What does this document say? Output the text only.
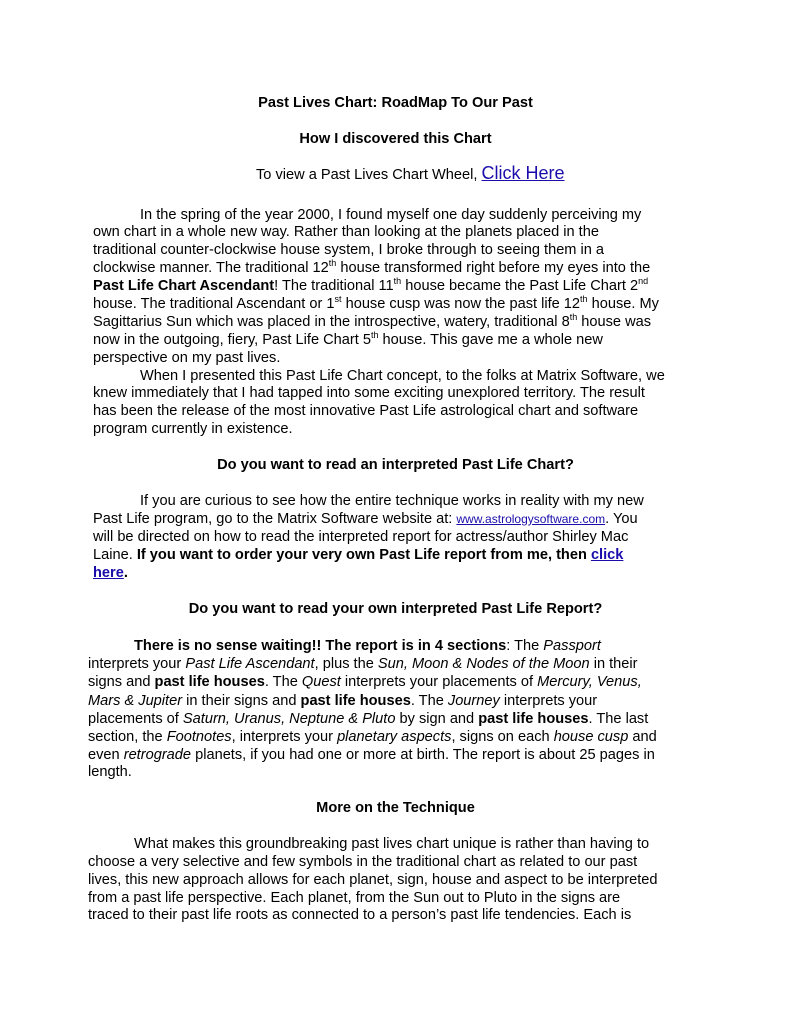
Past Lives Chart: RoadMap To Our Past
How I discovered this Chart
To view a Past Lives Chart Wheel, Click Here
In the spring of the year 2000, I found myself one day suddenly perceiving my
own chart in a whole new way. Rather than looking at the planets placed in the
traditional counter-clockwise house system, I broke through to seeing them in a
clockwise manner. The traditional 12th house transformed right before my eyes into the
Past Life Chart Ascendant! The traditional 11th house became the Past Life Chart 2nd
house. The traditional Ascendant or 1st house cusp was now the past life 12th house. My
Sagittarius Sun which was placed in the introspective, watery, traditional 8th house was
now in the outgoing, fiery, Past Life Chart 5th house. This gave me a whole new
perspective on my past lives.
When I presented this Past Life Chart concept, to the folks at Matrix Software, we
knew immediately that I had tapped into some exciting unexplored territory. The result
has been the release of the most innovative Past Life astrological chart and software
program currently in existence.
Do you want to read an interpreted Past Life Chart?
If you are curious to see how the entire technique works in reality with my new
Past Life program, go to the Matrix Software website at: www.astrologysoftware.com. You
will be directed on how to read the interpreted report for actress/author Shirley Mac
Laine. If you want to order your very own Past Life report from me, then click
here.
Do you want to read your own interpreted Past Life Report?
There is no sense waiting!! The report is in 4 sections: The Passport
interprets your Past Life Ascendant, plus the Sun, Moon & Nodes of the Moon in their
signs and past life houses. The Quest interprets your placements of Mercury, Venus,
Mars & Jupiter in their signs and past life houses. The Journey interprets your
placements of Saturn, Uranus, Neptune & Pluto by sign and past life houses. The last
section, the Footnotes, interprets your planetary aspects, signs on each house cusp and
even retrograde planets, if you had one or more at birth. The report is about 25 pages in
length.
More on the Technique
What makes this groundbreaking past lives chart unique is rather than having to
choose a very selective and few symbols in the traditional chart as related to our past
lives, this new approach allows for each planet, sign, house and aspect to be interpreted
from a past life perspective. Each planet, from the Sun out to Pluto in the signs are
traced to their past life roots as connected to a person’s past life tendencies. Each is
